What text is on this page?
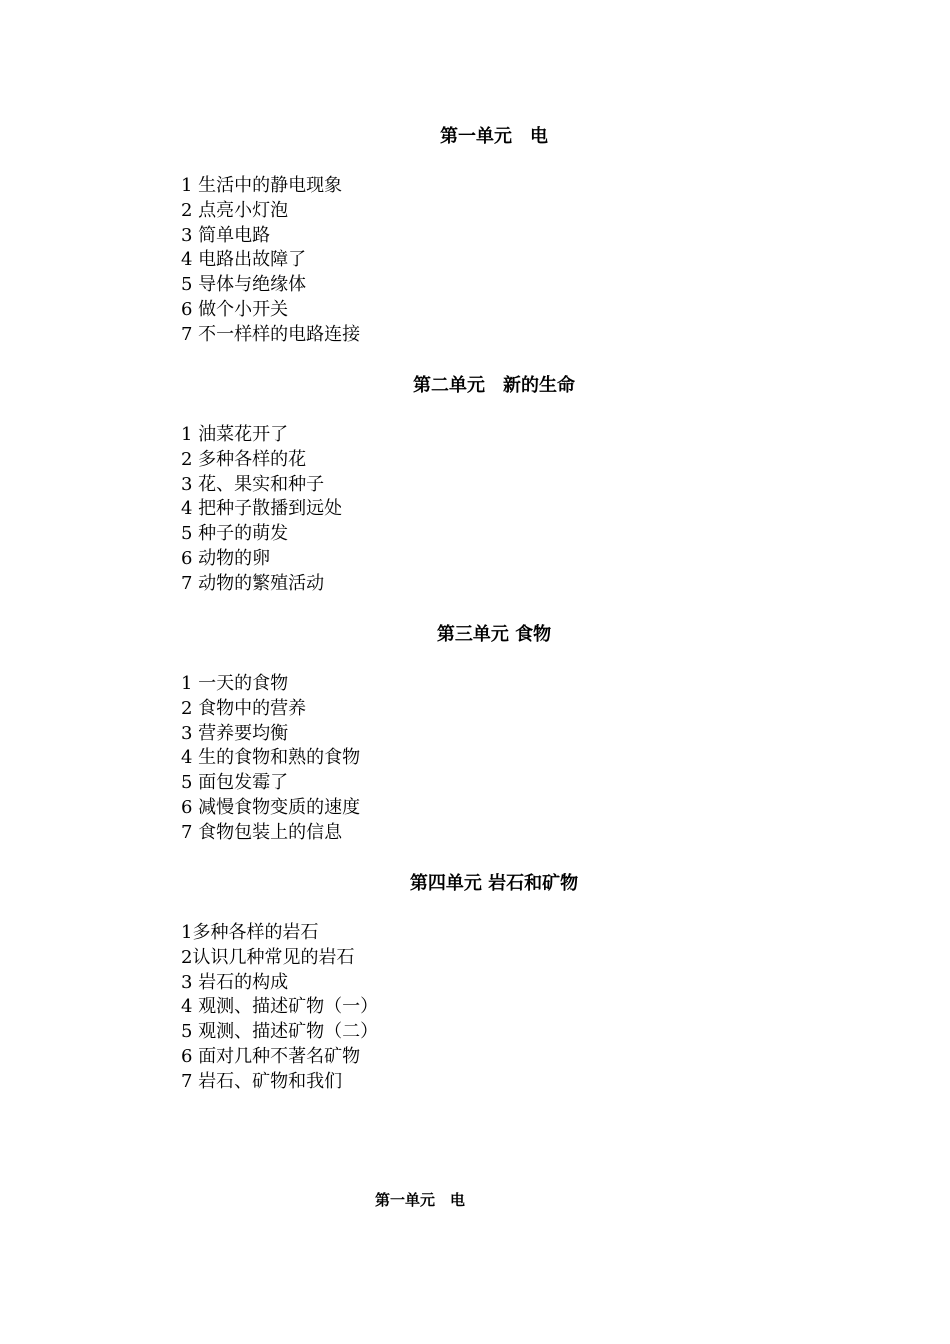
第一单元　电
1 生活中的静电现象
2 点亮小灯泡
3 简单电路
4 电路出故障了
5 导体与绝缘体
6 做个小开关
7 不一样样的电路连接
第二单元　新的生命
1 油菜花开了
2 多种各样的花
3 花、果实和种子
4 把种子散播到远处
5 种子的萌发
6 动物的卵
7 动物的繁殖活动
第三单元 食物
1 一天的食物
2 食物中的营养
3 营养要均衡
4 生的食物和熟的食物
5 面包发霉了
6 减慢食物变质的速度
7 食物包装上的信息
第四单元 岩石和矿物
1多种各样的岩石
2认识几种常见的岩石
3 岩石的构成
4 观测、描述矿物（一）
5 观测、描述矿物（二）
6 面对几种不著名矿物
7 岩石、矿物和我们
第一单元　电
